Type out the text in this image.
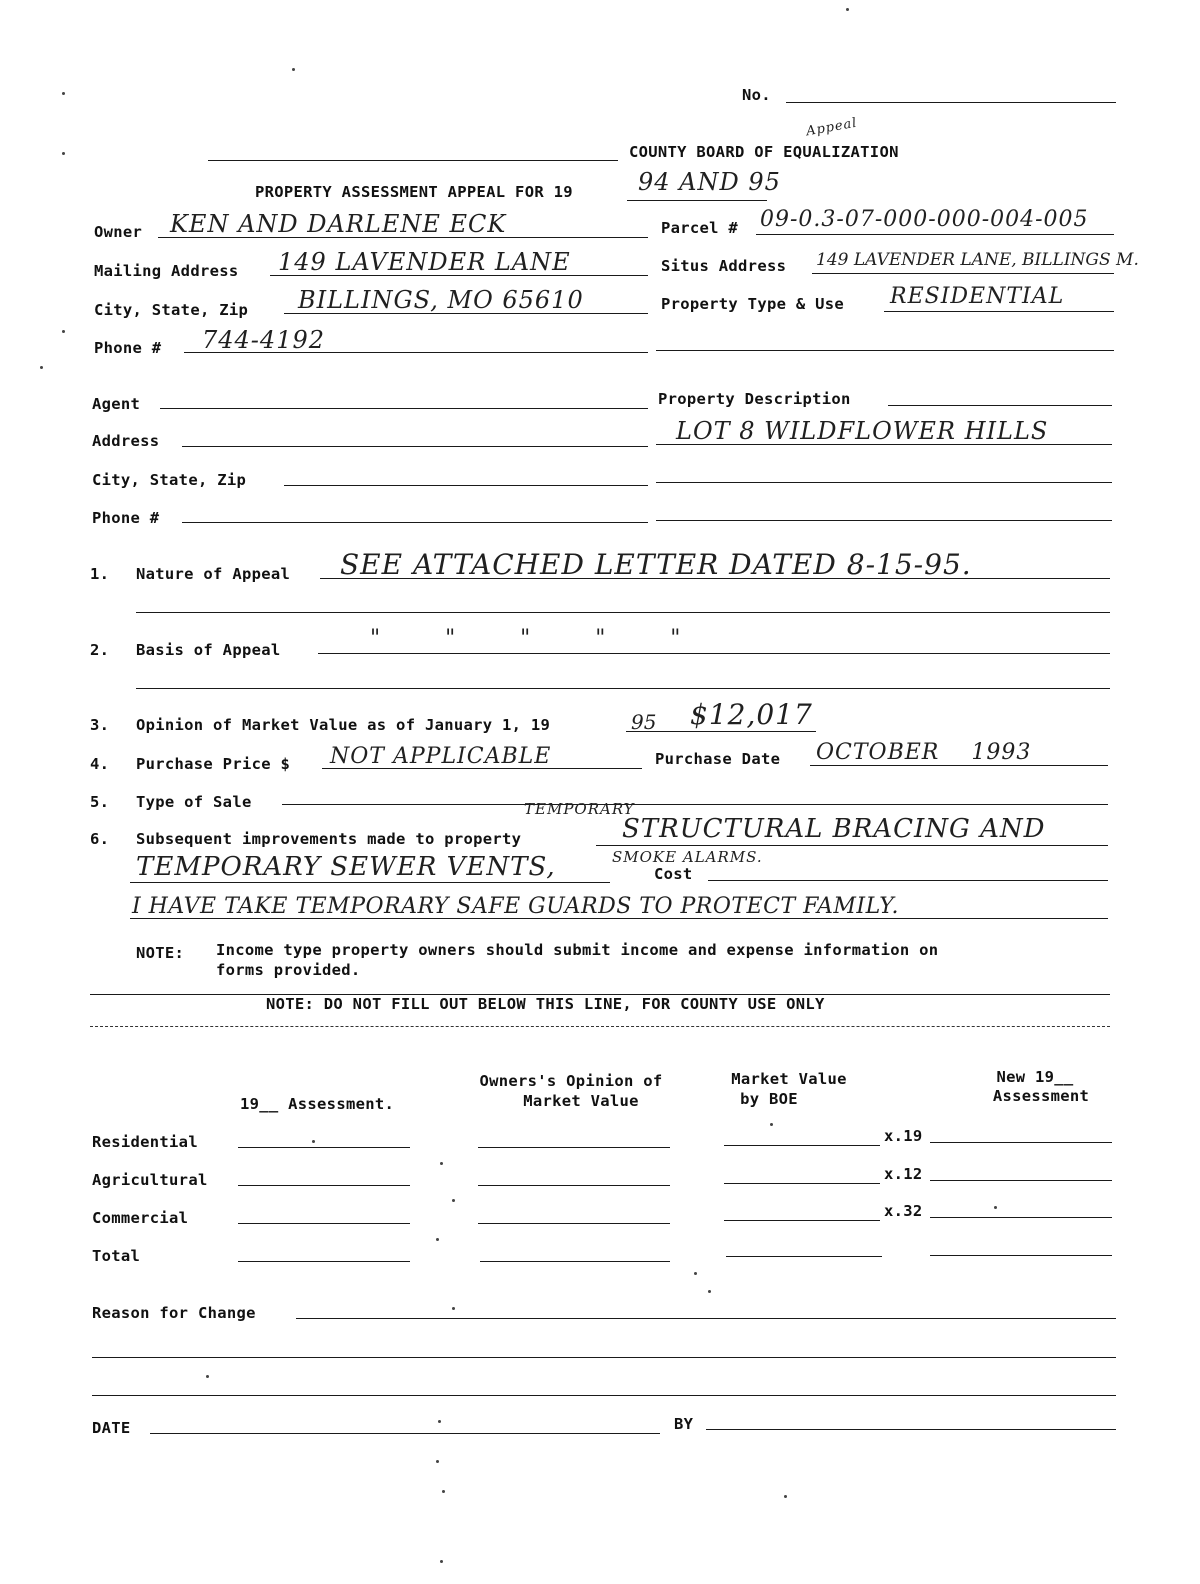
No.
COUNTY BOARD OF EQUALIZATION
Appeal
PROPERTY ASSESSMENT APPEAL FOR 19	94 AND 95
Owner KEN AND DARLENE ECK
Mailing Address 149 LAVENDER LANE
City, State, Zip BILLINGS, MO 65610
Phone # 744-4192
Parcel # 09-0.3-07-000-000-004-005
Situs Address 149 LAVENDER LANE, BILLINGS M.
Property Type & Use RESIDENTIAL
Agent
Address
City, State, Zip
Phone #
Property Description
LOT 8 WILDFLOWER HILLS
1. Nature of Appeal SEE ATTACHED LETTER DATED 8-15-95.
2. Basis of Appeal	"        "        "        "        "
3. Opinion of Market Value as of January 1, 19	95 $12,017
4. Purchase Price $ NOT APPLICABLE	Purchase Date OCTOBER    1993
5. Type of Sale
6. Subsequent improvements made to property
TEMPORARY
STRUCTURAL BRACING AND
TEMPORARY SEWER VENTS,	SMOKE ALARMS.
Cost
I HAVE TAKE TEMPORARY SAFE GUARDS TO PROTECT FAMILY.
NOTE: Income type property owners should submit income and expense information on
forms provided.
NOTE: DO NOT FILL OUT BELOW THIS LINE, FOR COUNTY USE ONLY
19__ Assessment.
Owners's Opinion of
Market Value
Market Value
by BOE
New 19__
Assessment
Residential	x.19
Agricultural	x.12
Commercial	x.32
Total
Reason for Change
DATE	BY
